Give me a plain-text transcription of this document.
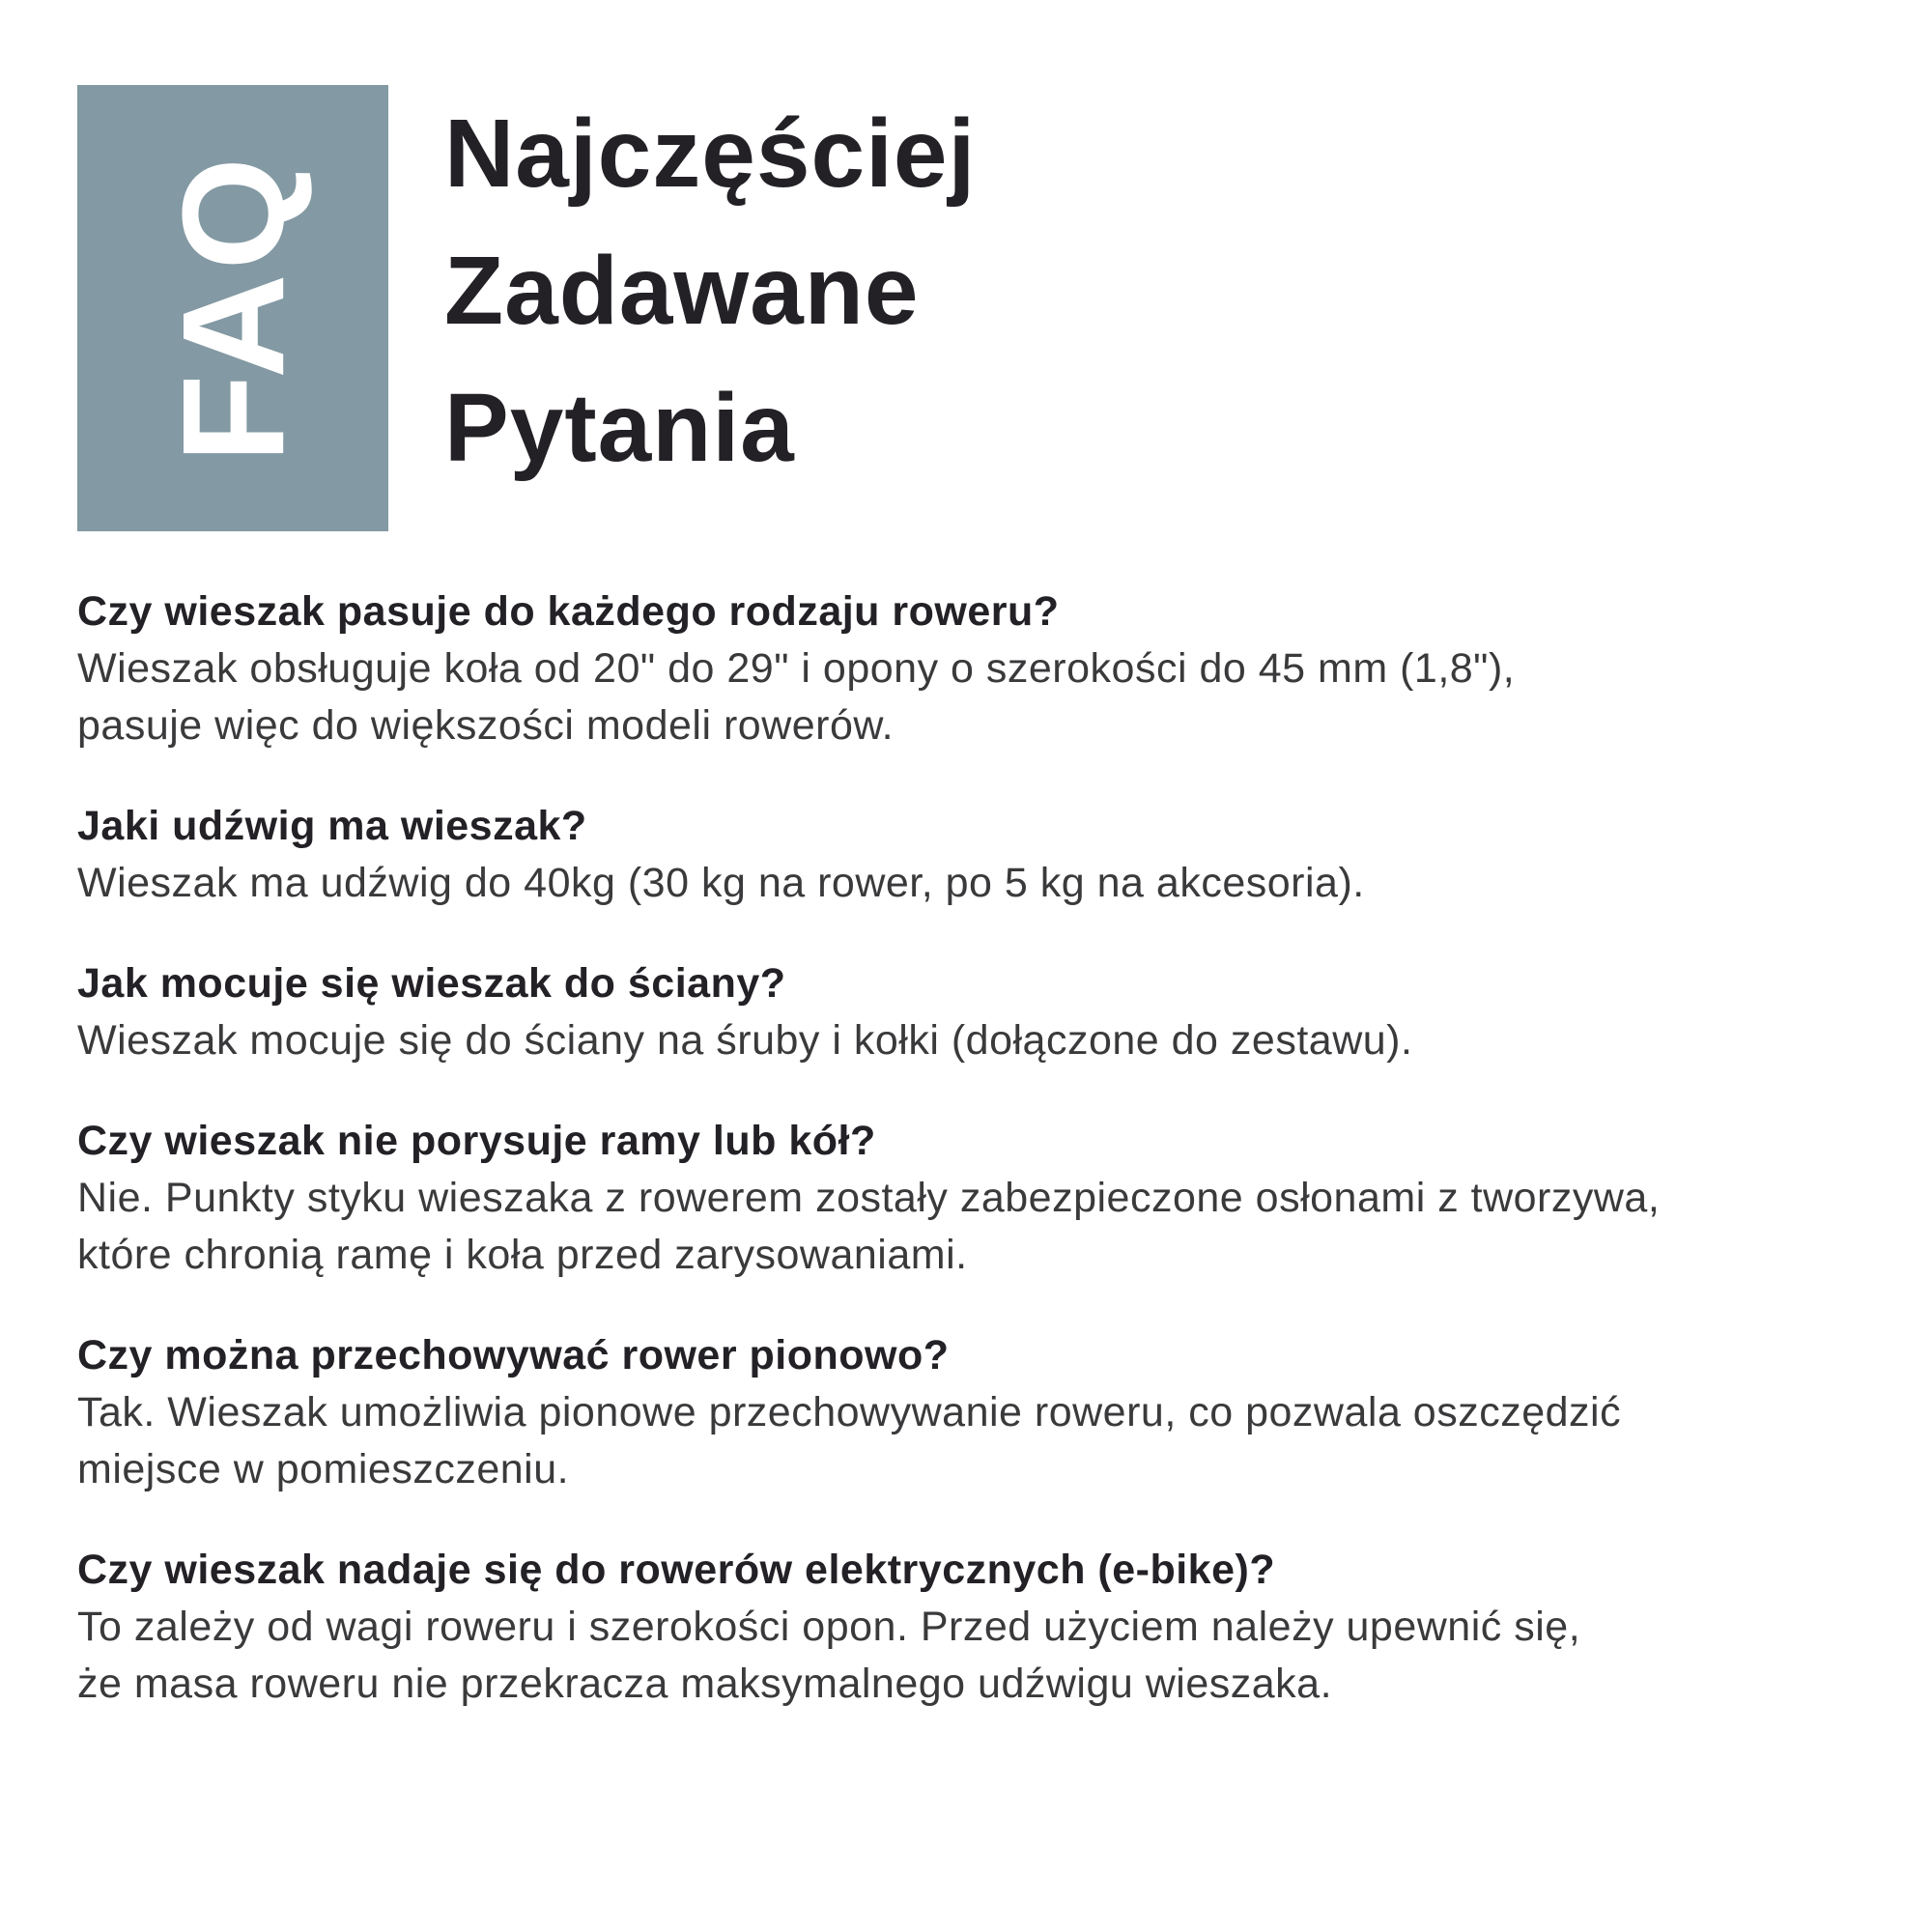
FAQ Najczęściej
Zadawane
Pytania
Czy wieszak pasuje do każdego rodzaju roweru?

Wieszak obsługuje koła od 20" do 29" i opony o szerokości do 45 mm (1,8"),

pasuje więc do większości modeli rowerów.

Jaki udźwig ma wieszak?

Wieszak ma udźwig do 40kg (30 kg na rower, po 5 kg na akcesoria).

Jak mocuje się wieszak do ściany?

Wieszak mocuje się do ściany na śruby i kołki (dołączone do zestawu).

Czy wieszak nie porysuje ramy lub kół?

Nie. Punkty styku wieszaka z rowerem zostały zabezpieczone osłonami z tworzywa,

które chronią ramę i koła przed zarysowaniami.

Czy można przechowywać rower pionowo?

Tak. Wieszak umożliwia pionowe przechowywanie roweru, co pozwala oszczędzić

miejsce w pomieszczeniu.

Czy wieszak nadaje się do rowerów elektrycznych (e-bike)?

To zależy od wagi roweru i szerokości opon. Przed użyciem należy upewnić się,

że masa roweru nie przekracza maksymalnego udźwigu wieszaka.
